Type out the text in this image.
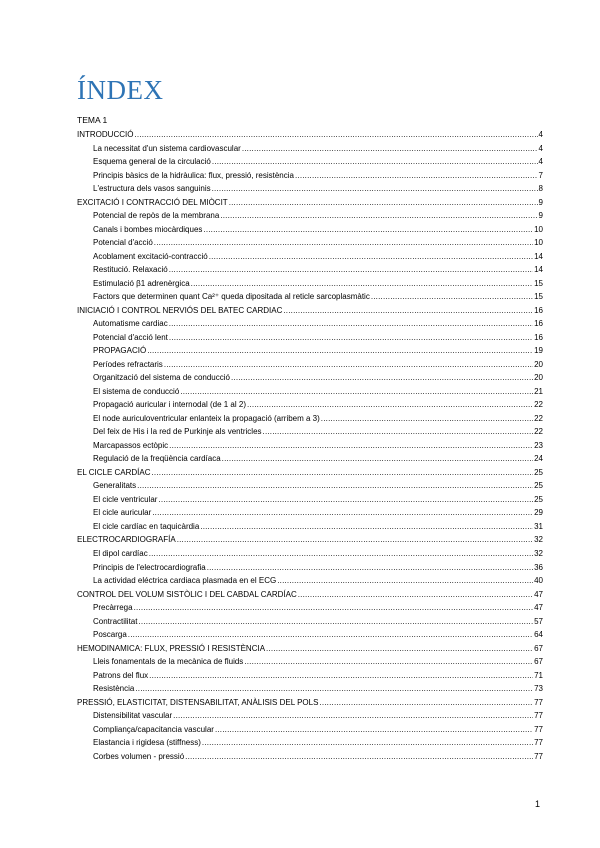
ÍNDEX
TEMA 1
INTRODUCCIÓ .....	4
La necessitat d'un sistema cardiovascular .....	4
Esquema general de la circulació .....	4
Principis bàsics de la hidràulica: flux, pressió, resistència .....	7
L'estructura dels vasos sanguinis .....	8
EXCITACIÓ I CONTRACCIÓ DEL MIÒCIT .....	9
Potencial de repòs de la membrana .....	9
Canals i bombes miocàrdiques .....	10
Potencial d'acció .....	10
Acoblament excitació-contracció .....	14
Restitució. Relaxació .....	14
Estimulació β1 adrenèrgica .....	15
Factors que determinen quant Ca²⁺ queda dipositada al reticle sarcoplasmàtic .....	15
INICIACIÓ I CONTROL NERVIÓS DEL BATEC CARDIAC .....	16
Automatisme cardiac .....	16
Potencial d'acció lent .....	16
PROPAGACIÓ .....	19
Períodes refractaris .....	20
Organització del sistema de conducció .....	20
El sistema de conducció .....	21
Propagació auricular i internodal (de 1 al 2) .....	22
El node auriculoventricular enlanteix la propagació (arribem a 3) .....	22
Del feix de His i la red de Purkinje als ventricles .....	22
Marcapassos ectòpic .....	23
Regulació de la freqüència cardíaca .....	24
EL CICLE CARDÍAC .....	25
Generalitats .....	25
El cicle ventricular .....	25
El cicle auricular .....	29
El cicle cardíac en taquicàrdia .....	31
ELECTROCARDIOGRAFÍA .....	32
El dipol cardíac .....	32
Principis de l'electrocardiografia .....	36
La actividad eléctrica cardiaca plasmada en el ECG .....	40
CONTROL DEL VOLUM SISTÒLIC I DEL CABDAL CARDÍAC .....	47
Precàrrega .....	47
Contractilitat .....	57
Poscarga .....	64
HEMODINAMICA: FLUX, PRESSIÓ I RESISTÈNCIA .....	67
Lleis fonamentals de la mecànica de fluids .....	67
Patrons del flux .....	71
Resistència .....	73
PRESSIÓ, ELASTICITAT, DISTENSABILITAT, ANÀLISIS DEL POLS .....	77
Distensibilitat vascular .....	77
Complianҫa/capacitancia vascular .....	77
Elastancia i rigidesa (stiffness) .....	77
Corbes volumen - pressió .....	77
1
